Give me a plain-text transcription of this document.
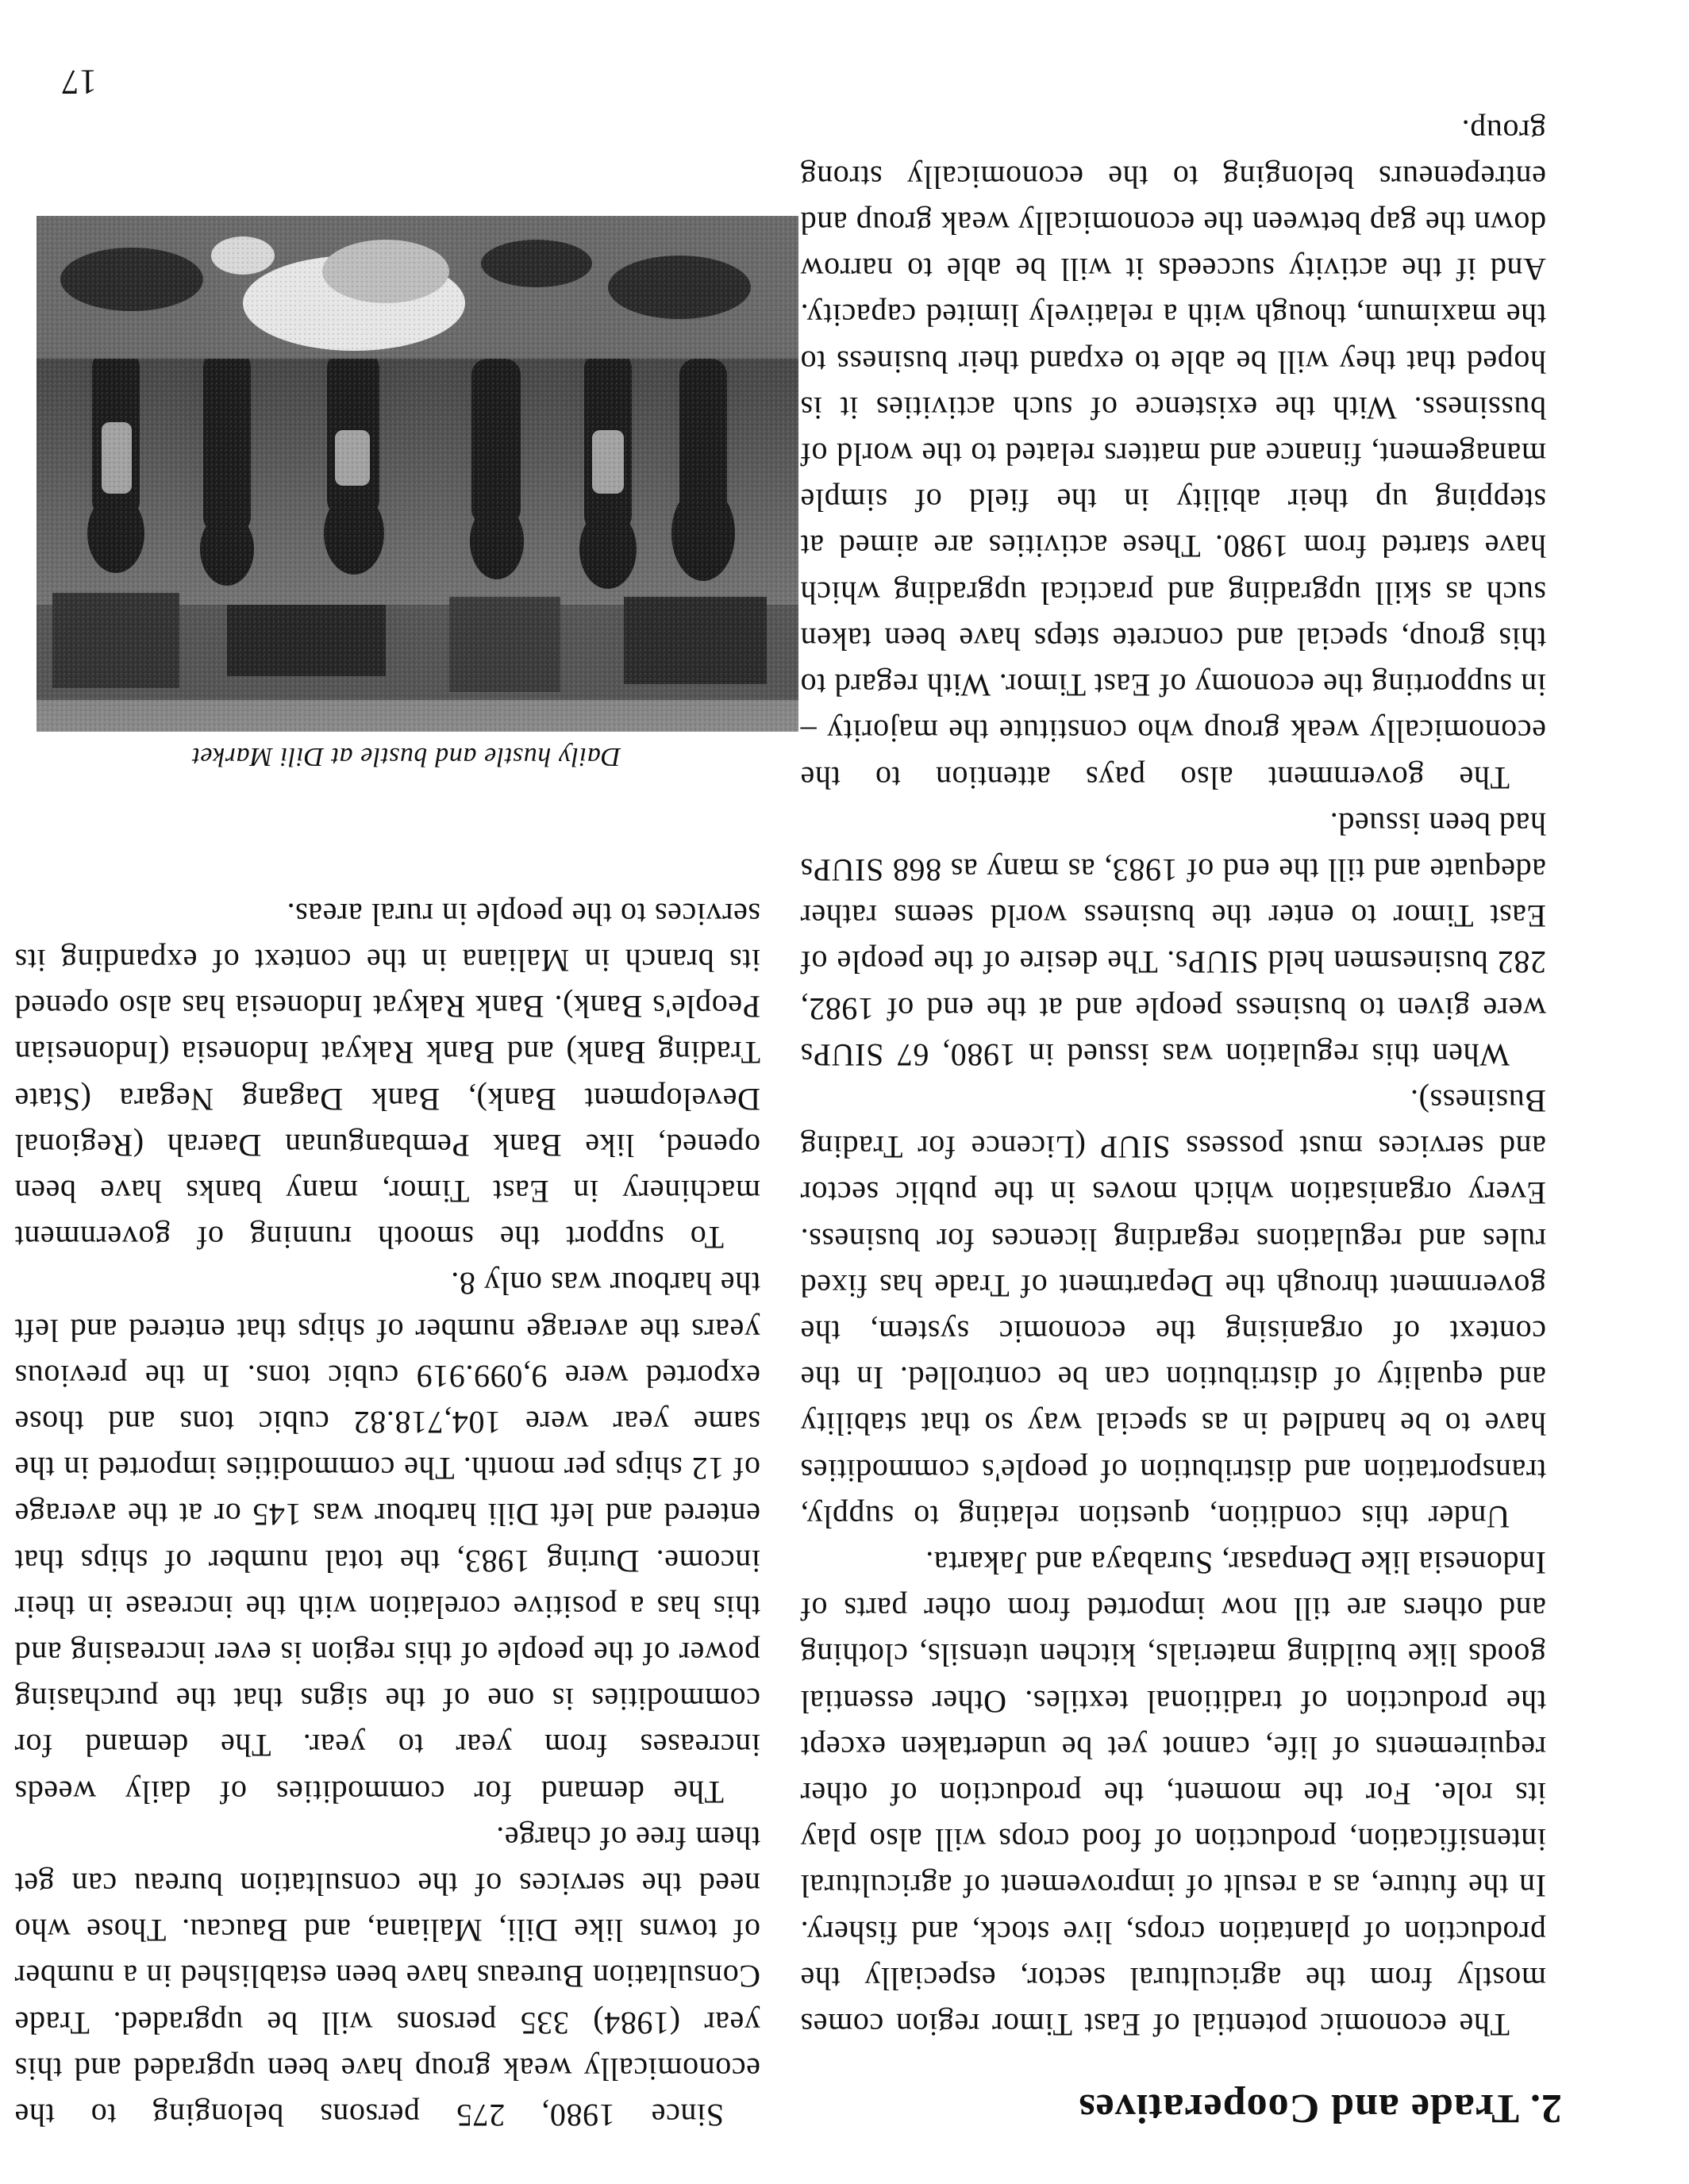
2. Trade and Cooperatives

The economic potential of East Timor region comes mostly from the agricultural sector, especially the production of plantation crops, live stock, and fishery. In the future, as a result of improvement of agricultural intensification, production of food crops will also play its role. For the moment, the production of other requirements of life, cannot yet be undertaken except the production of traditional textiles. Other essential goods like building materials, kitchen utensils, clothing and others are till now imported from other parts of Indonesia like Denpasar, Surabaya and Jakarta.

Under this condition, question relating to supply, transportation and distribution of people's commodities have to be handled in as special way so that stability and equality of distribution can be controlled. In the context of organising the economic system, the government through the Department of Trade has fixed rules and regulations regarding licences for business. Every organisation which moves in the public sector and services must possess SIUP (Licence for Trading Business).

When this regulation was issued in 1980, 67 SIUPs were given to business people and at the end of 1982, 282 businesmen held SIUPs. The desire of the people of East Timor to enter the business world seems rather adequate and till the end of 1983, as many as 868 SIUPs had been issued.

The government also pays attention to the economically weak group who constitute the majority – in supporting the economy of East Timor. With regard to this group, special and concrete steps have been taken such as skill upgrading and practical upgrading which have started from 1980. These activities are aimed at stepping up their ability in the field of simple management, finance and matters related to the world of bussiness. With the existence of such activities it is hoped that they will be able to expand their business to the maximum, though with a relatively limited capacity. And if the activity succeeds it will be able to narrow down the gap between the economically weak group and entrepeneurs belonging to the economically strong group.

Since 1980, 275 persons belonging to the economically weak group have been upgraded and this year (1984) 335 persons will be upgraded. Trade Consultation Bureaus have been established in a number of towns like Dili, Maliana, and Baucau. Those who need the services of the consultation bureau can get them free of charge.

The demand for commodities of daily weeds increases from year to year. The demand for commodities is one of the signs that the purchasing power of the people of this region is ever increasing and this has a positive corelation with the increase in their income. During 1983, the total number of ships that entered and left Dili harbour was 145 or at the average of 12 ships per month. The commodities imported in the same year were 104,718.82 cubic tons and those exported were 9,099.919 cubic tons. In the previous years the average number of ships that entered and left the harbour was only 8.

To support the smooth running of government machinery in East Timor, many banks have been opened, like Bank Pembangunan Daerah (Regional Development Bank), Bank Dagang Negara (State Trading Bank) and Bank Rakyat Indonesia (Indonesian People's Bank). Bank Rakyat Indonesia has also opened its branch in Maliana in the context of expanding its services to the people in rural areas.

Daily hustle and bustle at Dili Market

17
